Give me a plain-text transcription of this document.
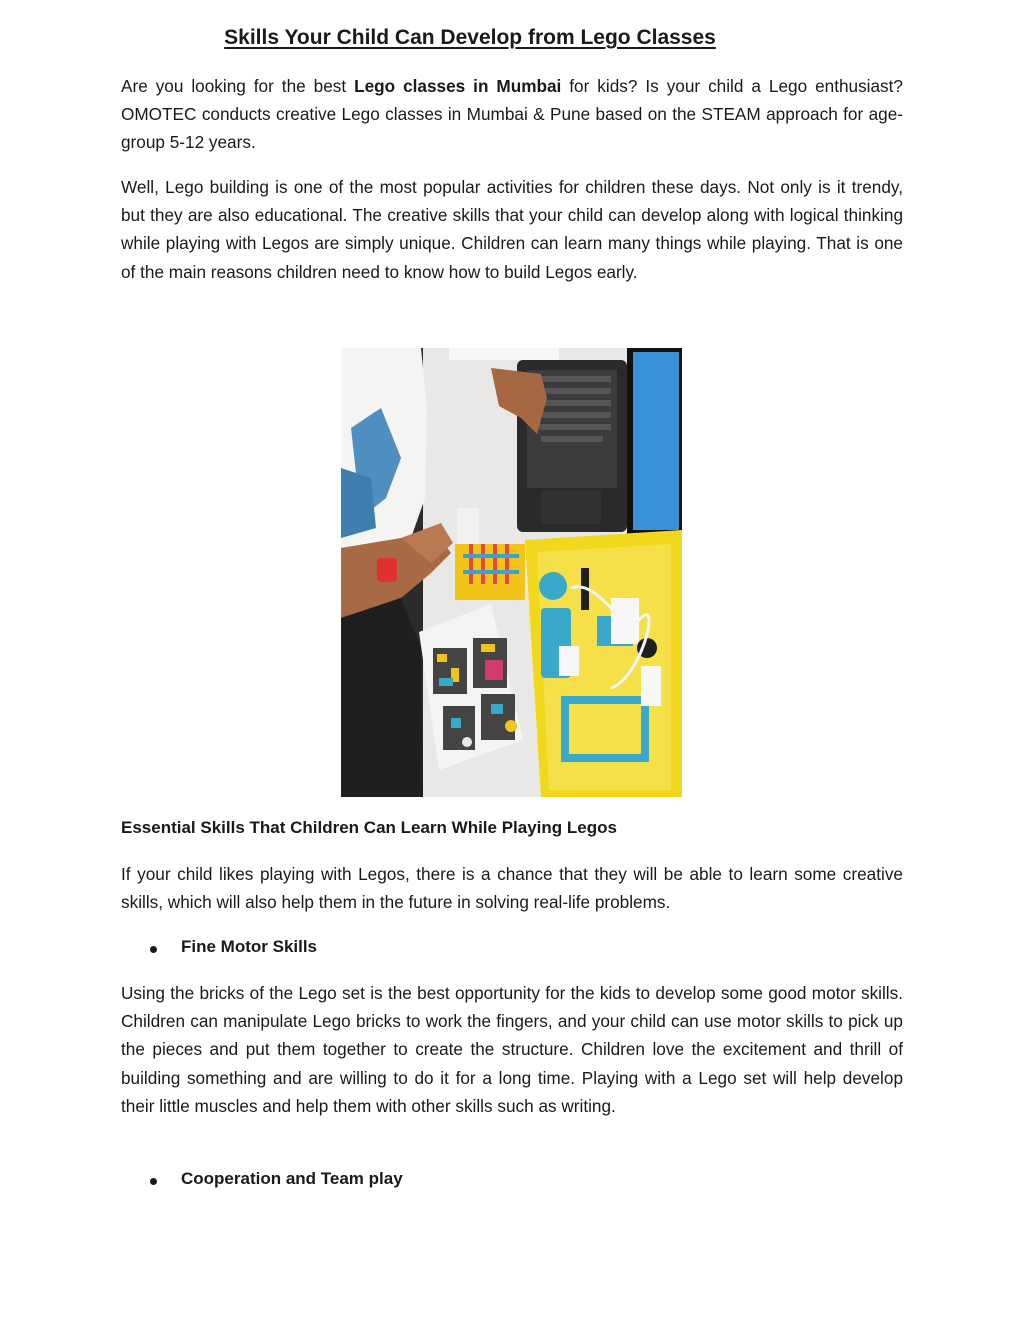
Skills Your Child Can Develop from Lego Classes

Are you looking for the best Lego classes in Mumbai for kids? Is your child a Lego enthusiast? OMOTEC conducts creative Lego classes in Mumbai & Pune based on the STEAM approach for age-group 5-12 years.

Well, Lego building is one of the most popular activities for children these days. Not only is it trendy, but they are also educational. The creative skills that your child can develop along with logical thinking while playing with Legos are simply unique. Children can learn many things while playing. That is one of the main reasons children need to know how to build Legos early.

Essential Skills That Children Can Learn While Playing Legos

If your child likes playing with Legos, there is a chance that they will be able to learn some creative skills, which will also help them in the future in solving real-life problems.

Fine Motor Skills

Using the bricks of the Lego set is the best opportunity for the kids to develop some good motor skills. Children can manipulate Lego bricks to work the fingers, and your child can use motor skills to pick up the pieces and put them together to create the structure. Children love the excitement and thrill of building something and are willing to do it for a long time. Playing with a Lego set will help develop their little muscles and help them with other skills such as writing.

Cooperation and Team play
